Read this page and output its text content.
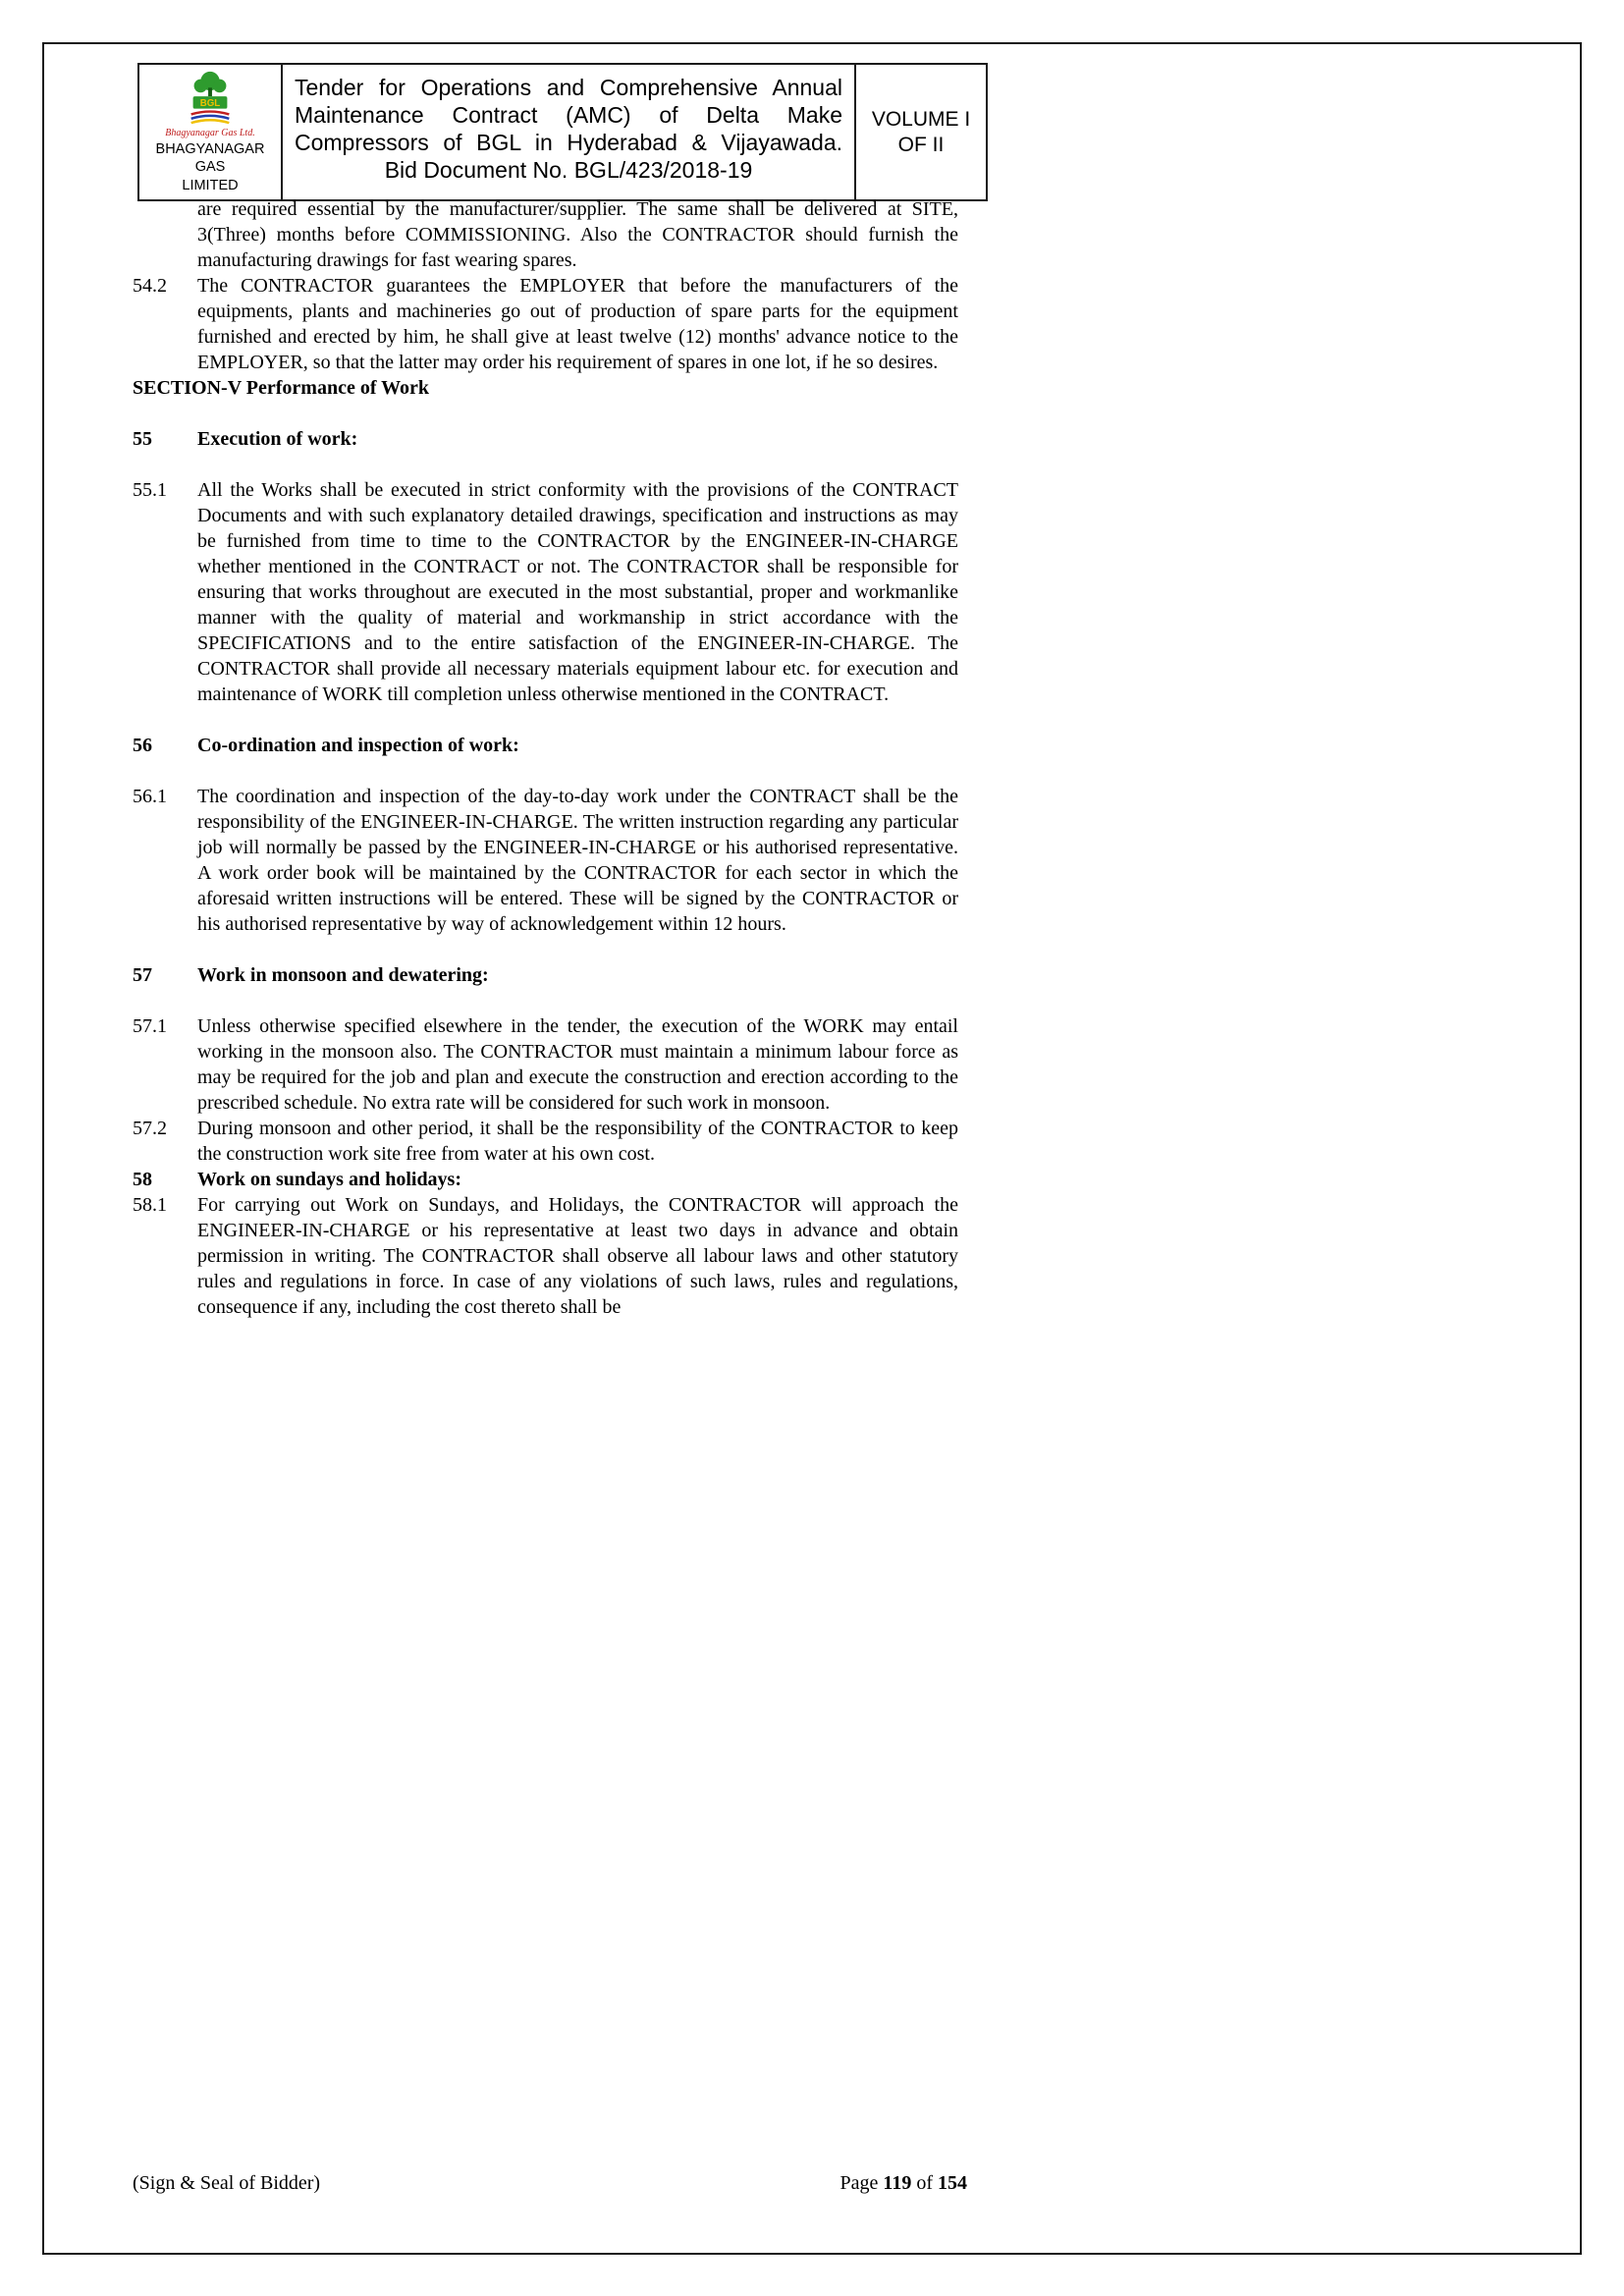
BGL
Bhagyanagar Gas Ltd.
BHAGYANAGAR GAS
LIMITED
Tender for Operations and Comprehensive Annual
Maintenance Contract (AMC) of Delta Make
Compressors of BGL in Hyderabad & Vijayawada.
Bid Document No. BGL/423/2018-19
VOLUME I
OF II
are required essential by the manufacturer/supplier. The same shall be delivered at SITE, 3(Three) months before COMMISSIONING. Also the CONTRACTOR should furnish the manufacturing drawings for fast wearing spares.
54.2	The CONTRACTOR guarantees the EMPLOYER that before the manufacturers of the equipments, plants and machineries go out of production of spare parts for the equipment furnished and erected by him, he shall give at least twelve (12) months' advance notice to the EMPLOYER, so that the latter may order his requirement of spares in one lot, if he so desires.
SECTION-V Performance of Work
55	Execution of work:
55.1	All the Works shall be executed in strict conformity with the provisions of the CONTRACT Documents and with such explanatory detailed drawings, specification and instructions as may be furnished from time to time to the CONTRACTOR by the ENGINEER-IN-CHARGE whether mentioned in the CONTRACT or not. The CONTRACTOR shall be responsible for ensuring that works throughout are executed in the most substantial, proper and workmanlike manner with the quality of material and workmanship in strict accordance with the SPECIFICATIONS and to the entire satisfaction of the ENGINEER-IN-CHARGE. The CONTRACTOR shall provide all necessary materials equipment labour etc. for execution and maintenance of WORK till completion unless otherwise mentioned in the CONTRACT.
56	Co-ordination and inspection of work:
56.1	The coordination and inspection of the day-to-day work under the CONTRACT shall be the responsibility of the ENGINEER-IN-CHARGE. The written instruction regarding any particular job will normally be passed by the ENGINEER-IN-CHARGE or his authorised representative. A work order book will be maintained by the CONTRACTOR for each sector in which the aforesaid written instructions will be entered. These will be signed by the CONTRACTOR or his authorised representative by way of acknowledgement within 12 hours.
57	Work in monsoon and dewatering:
57.1	Unless otherwise specified elsewhere in the tender, the execution of the WORK may entail working in the monsoon also. The CONTRACTOR must maintain a minimum labour force as may be required for the job and plan and execute the construction and erection according to the prescribed schedule. No extra rate will be considered for such work in monsoon.
57.2	During monsoon and other period, it shall be the responsibility of the CONTRACTOR to keep the construction work site free from water at his own cost.
58	Work on sundays and holidays:
58.1	For carrying out Work on Sundays, and Holidays, the CONTRACTOR will approach the ENGINEER-IN-CHARGE or his representative at least two days in advance and obtain permission in writing. The CONTRACTOR shall observe all labour laws and other statutory rules and regulations in force. In case of any violations of such laws, rules and regulations, consequence if any, including the cost thereto shall be
(Sign & Seal of Bidder)	Page 119 of 154
